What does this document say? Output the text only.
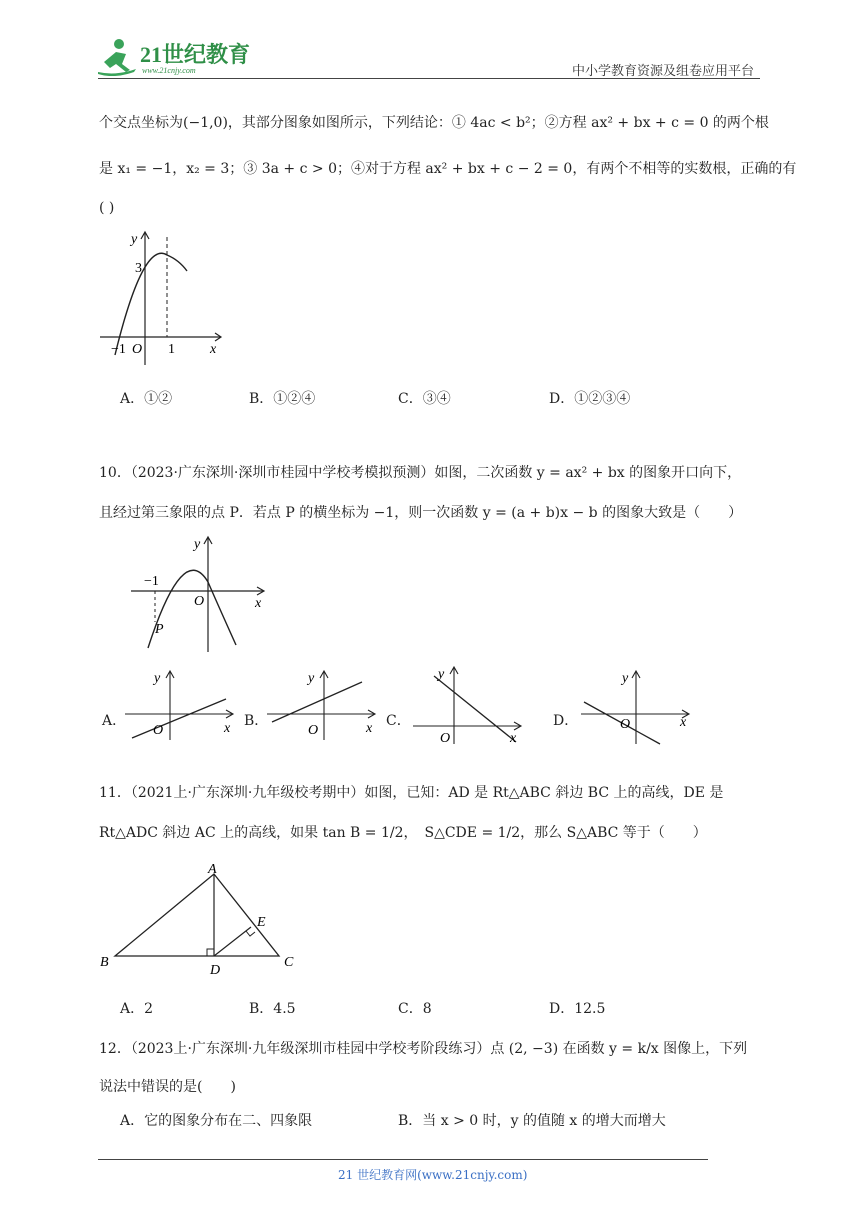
21世纪教育
www.21cnjy.com	中小学教育资源及组卷应用平台
个交点坐标为(−1,0)，其部分图象如图所示，下列结论：① 4ac < b²；②方程 ax² + bx + c = 0 的两个根
是 x₁ = −1，x₂ = 3；③ 3a + c > 0；④对于方程 ax² + bx + c − 2 = 0，有两个不相等的实数根，正确的有
( )
y
x
3
−1 O 1
A．①②	B．①②④	C．③④	D．①②③④
10．（2023·广东深圳·深圳市桂园中学校考模拟预测）如图，二次函数 y = ax² + bx 的图象开口向下，
且经过第三象限的点 P．若点 P 的横坐标为 −1，则一次函数 y = (a + b)x − b 的图象大致是（　　）
y
x
−1
O
P
A．
y
x
O
B．
y
x
O
C．
y
x
O
D．
y
x
O
11．（2021上·广东深圳·九年级校考期中）如图，已知：AD 是 Rt△ABC 斜边 BC 上的高线，DE 是
Rt△ADC 斜边 AC 上的高线，如果 tan B = 1/2，　S△CDE = 1/2，那么 S△ABC 等于（　　）
A
B	C
D
E
A．2	B．4.5	C．8	D．12.5
12．（2023上·广东深圳·九年级深圳市桂园中学校考阶段练习）点 (2, −3) 在函数 y = k/x 图像上，下列
说法中错误的是(　　)
A．它的图象分布在二、四象限	B．当 x > 0 时，y 的值随 x 的增大而增大
21 世纪教育网(www.21cnjy.com)
